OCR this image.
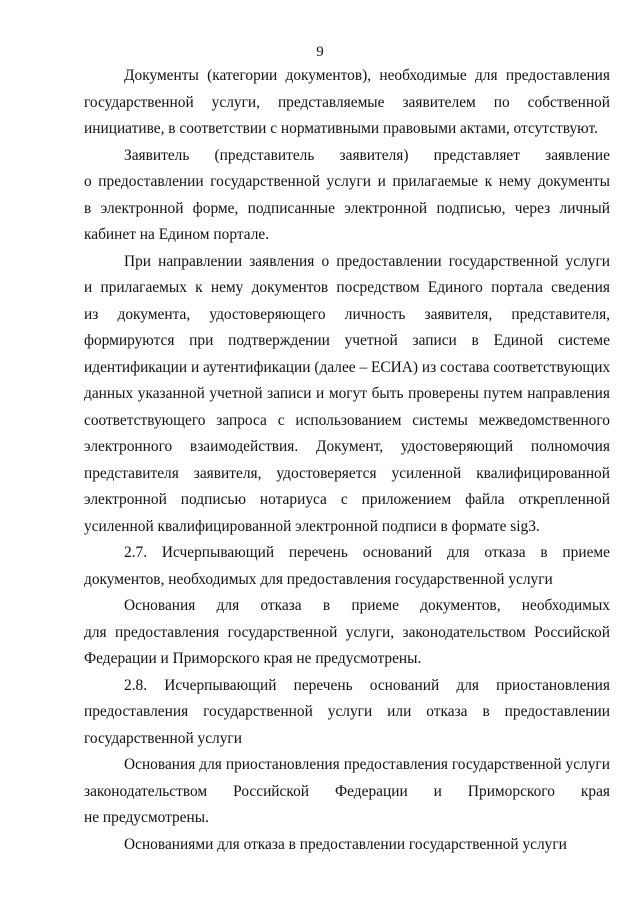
9
Документы (категории документов), необходимые для предоставления
государственной услуги, представляемые заявителем по собственной
инициативе, в соответствии с нормативными правовыми актами, отсутствуют.
Заявитель (представитель заявителя) представляет заявление
о предоставлении государственной услуги и прилагаемые к нему документы
в электронной форме, подписанные электронной подписью, через личный
кабинет на Едином портале.
При направлении заявления о предоставлении государственной услуги
и прилагаемых к нему документов посредством Единого портала сведения
из документа, удостоверяющего личность заявителя, представителя,
формируются при подтверждении учетной записи в Единой системе
идентификации и аутентификации (далее – ЕСИА) из состава соответствующих
данных указанной учетной записи и могут быть проверены путем направления
соответствующего запроса с использованием системы межведомственного
электронного взаимодействия. Документ, удостоверяющий полномочия
представителя заявителя, удостоверяется усиленной квалифицированной
электронной подписью нотариуса с приложением файла открепленной
усиленной квалифицированной электронной подписи в формате sig3.
2.7. Исчерпывающий перечень оснований для отказа в приеме
документов, необходимых для предоставления государственной услуги
Основания для отказа в приеме документов, необходимых
для предоставления государственной услуги, законодательством Российской
Федерации и Приморского края не предусмотрены.
2.8. Исчерпывающий перечень оснований для приостановления
предоставления государственной услуги или отказа в предоставлении
государственной услуги
Основания для приостановления предоставления государственной услуги
законодательством Российской Федерации и Приморского края
не предусмотрены.
Основаниями для отказа в предоставлении государственной услуги
